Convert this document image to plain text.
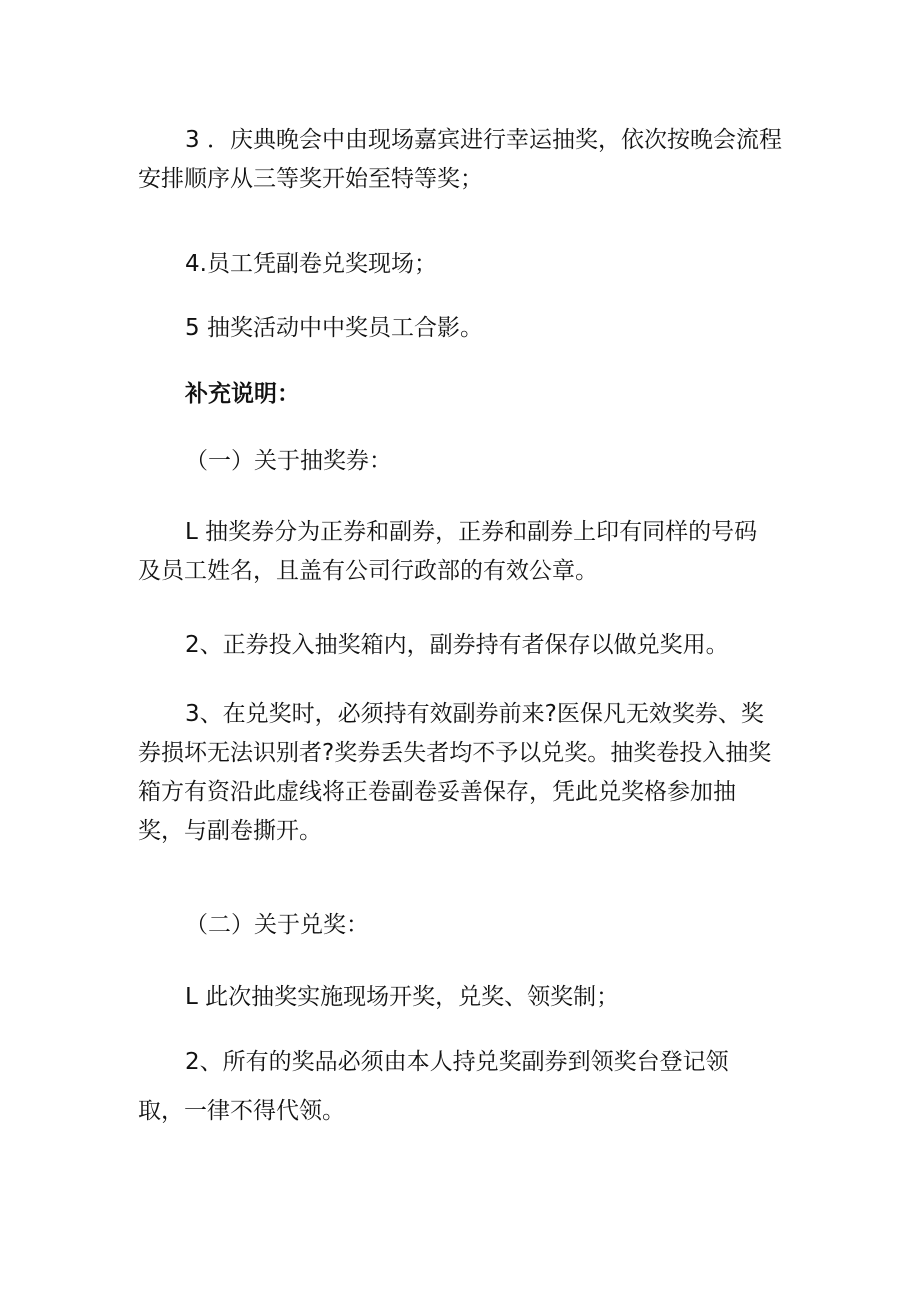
3 ．庆典晚会中由现场嘉宾进行幸运抽奖，依次按晚会流程
安排顺序从三等奖开始至特等奖；
4.员工凭副卷兑奖现场；
5 抽奖活动中中奖员工合影。
补充说明：
（一）关于抽奖券：
L 抽奖券分为正券和副券，正券和副券上印有同样的号码
及员工姓名，且盖有公司行政部的有效公章。
2、正券投入抽奖箱内，副券持有者保存以做兑奖用。
3、在兑奖时，必须持有效副券前来?医保凡无效奖券、奖
券损坏无法识别者?奖券丢失者均不予以兑奖。抽奖卷投入抽奖
箱方有资沿此虚线将正卷副卷妥善保存，凭此兑奖格参加抽
奖，与副卷撕开。
（二）关于兑奖：
L 此次抽奖实施现场开奖，兑奖、领奖制；
2、所有的奖品必须由本人持兑奖副券到领奖台登记领
取，一律不得代领。
